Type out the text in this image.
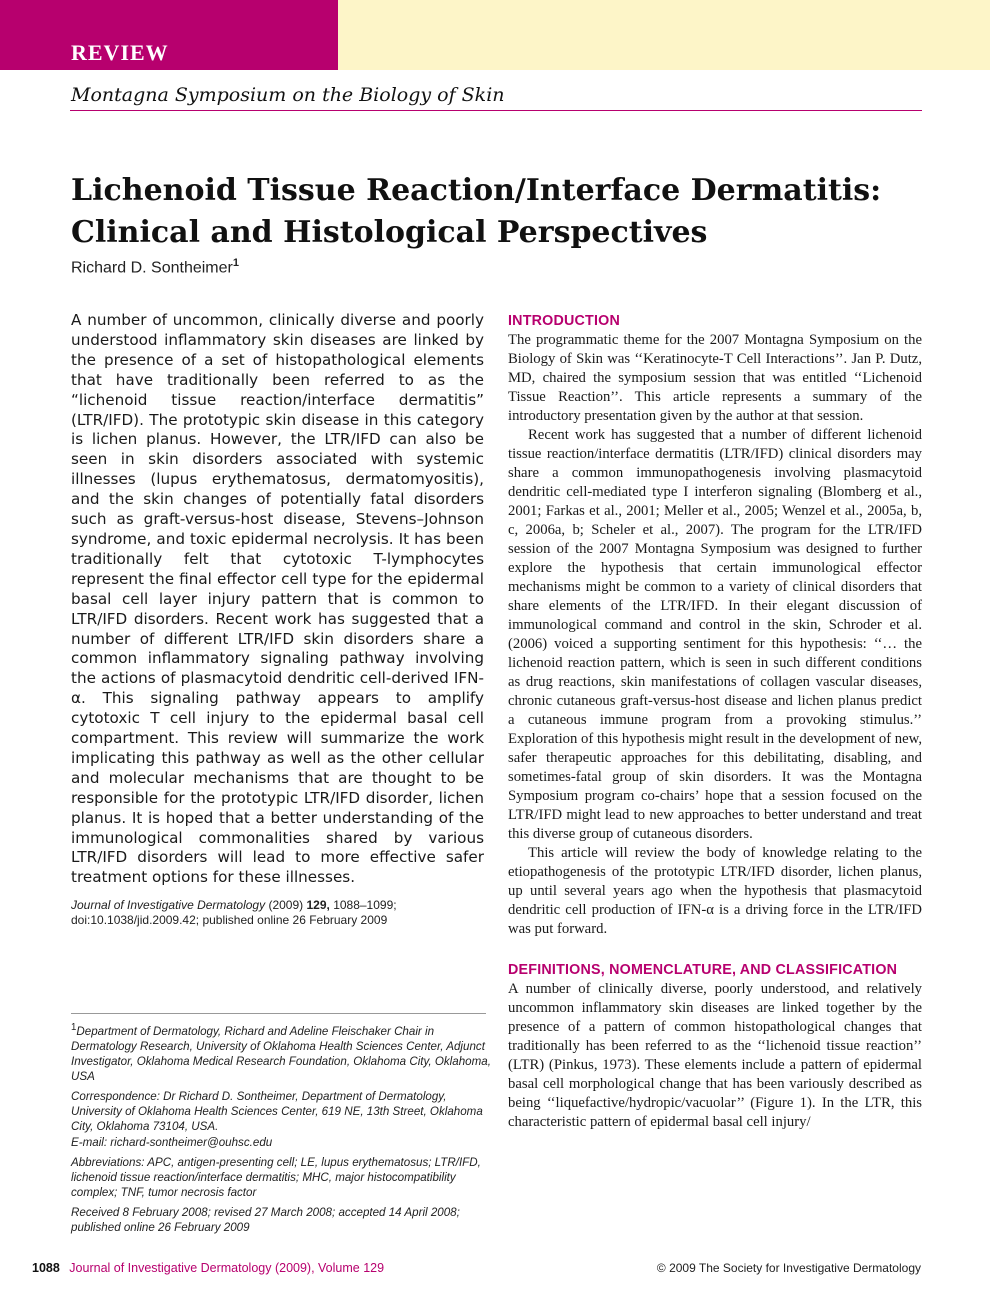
REVIEW
Montagna Symposium on the Biology of Skin
Lichenoid Tissue Reaction/Interface Dermatitis: Clinical and Histological Perspectives
Richard D. Sontheimer$^1$

A number of uncommon, clinically diverse and poorly understood inflammatory skin diseases are linked by the presence of a set of histopathological elements that have traditionally been referred to as the “lichenoid tissue reaction/interface dermatitis” (LTR/IFD). The prototypic skin disease in this category is lichen planus. However, the LTR/IFD can also be seen in skin disorders associated with systemic illnesses (lupus erythematosus, dermatomyositis), and the skin changes of potentially fatal disorders such as graft-versus-host disease, Stevens–Johnson syndrome, and toxic epidermal necrolysis. It has been traditionally felt that cytotoxic T-lymphocytes represent the final effector cell type for the epidermal basal cell layer injury pattern that is common to LTR/IFD disorders. Recent work has suggested that a number of different LTR/IFD skin disorders share a common inflammatory signaling pathway involving the actions of plasmacytoid dendritic cell-derived IFN-α. This signaling pathway appears to amplify cytotoxic T cell injury to the epidermal basal cell compartment. This review will summarize the work implicating this pathway as well as the other cellular and molecular mechanisms that are thought to be responsible for the prototypic LTR/IFD disorder, lichen planus. It is hoped that a better understanding of the immunological commonalities shared by various LTR/IFD disorders will lead to more effective safer treatment options for these illnesses.

Journal of Investigative Dermatology (2009) 129, 1088–1099;
doi:10.1038/jid.2009.42; published online 26 February 2009

$^1$Department of Dermatology, Richard and Adeline Fleischaker Chair in Dermatology Research, University of Oklahoma Health Sciences Center, Adjunct Investigator, Oklahoma Medical Research Foundation, Oklahoma City, Oklahoma, USA

Correspondence: Dr Richard D. Sontheimer, Department of Dermatology, University of Oklahoma Health Sciences Center, 619 NE, 13th Street, Oklahoma City, Oklahoma 73104, USA.
E-mail: richard-sontheimer@ouhsc.edu

Abbreviations: APC, antigen-presenting cell; LE, lupus erythematosus; LTR/IFD, lichenoid tissue reaction/interface dermatitis; MHC, major histocompatibility complex; TNF, tumor necrosis factor

Received 8 February 2008; revised 27 March 2008; accepted 14 April 2008; published online 26 February 2009

INTRODUCTION

The programmatic theme for the 2007 Montagna Symposium on the Biology of Skin was ‘‘Keratinocyte-T Cell Interactions’’. Jan P. Dutz, MD, chaired the symposium session that was entitled ‘‘Lichenoid Tissue Reaction’’. This article represents a summary of the introductory presentation given by the author at that session.

Recent work has suggested that a number of different lichenoid tissue reaction/interface dermatitis (LTR/IFD) clinical disorders may share a common immunopathogenesis involving plasmacytoid dendritic cell-mediated type I interferon signaling (Blomberg et al., 2001; Farkas et al., 2001; Meller et al., 2005; Wenzel et al., 2005a, b, c, 2006a, b; Scheler et al., 2007). The program for the LTR/IFD session of the 2007 Montagna Symposium was designed to further explore the hypothesis that certain immunological effector mechanisms might be common to a variety of clinical disorders that share elements of the LTR/IFD. In their elegant discussion of immunological command and control in the skin, Schroder et al. (2006) voiced a supporting sentiment for this hypothesis: ‘‘… the lichenoid reaction pattern, which is seen in such different conditions as drug reactions, skin manifestations of collagen vascular diseases, chronic cutaneous graft-versus-host disease and lichen planus predict a cutaneous immune program from a provoking stimulus.’’ Exploration of this hypothesis might result in the development of new, safer therapeutic approaches for this debilitating, disabling, and sometimes-fatal group of skin disorders. It was the Montagna Symposium program co-chairs’ hope that a session focused on the LTR/IFD might lead to new approaches to better understand and treat this diverse group of cutaneous disorders.

This article will review the body of knowledge relating to the etiopathogenesis of the prototypic LTR/IFD disorder, lichen planus, up until several years ago when the hypothesis that plasmacytoid dendritic cell production of IFN-α is a driving force in the LTR/IFD was put forward.

DEFINITIONS, NOMENCLATURE, AND CLASSIFICATION

A number of clinically diverse, poorly understood, and relatively uncommon inflammatory skin diseases are linked together by the presence of a pattern of common histopathological changes that traditionally has been referred to as the ‘‘lichenoid tissue reaction’’ (LTR) (Pinkus, 1973). These elements include a pattern of epidermal basal cell morphological change that has been variously described as being ‘‘liquefactive/hydropic/vacuolar’’ (Figure 1). In the LTR, this characteristic pattern of epidermal basal cell injury/

1088 Journal of Investigative Dermatology (2009), Volume 129	© 2009 The Society for Investigative Dermatology
